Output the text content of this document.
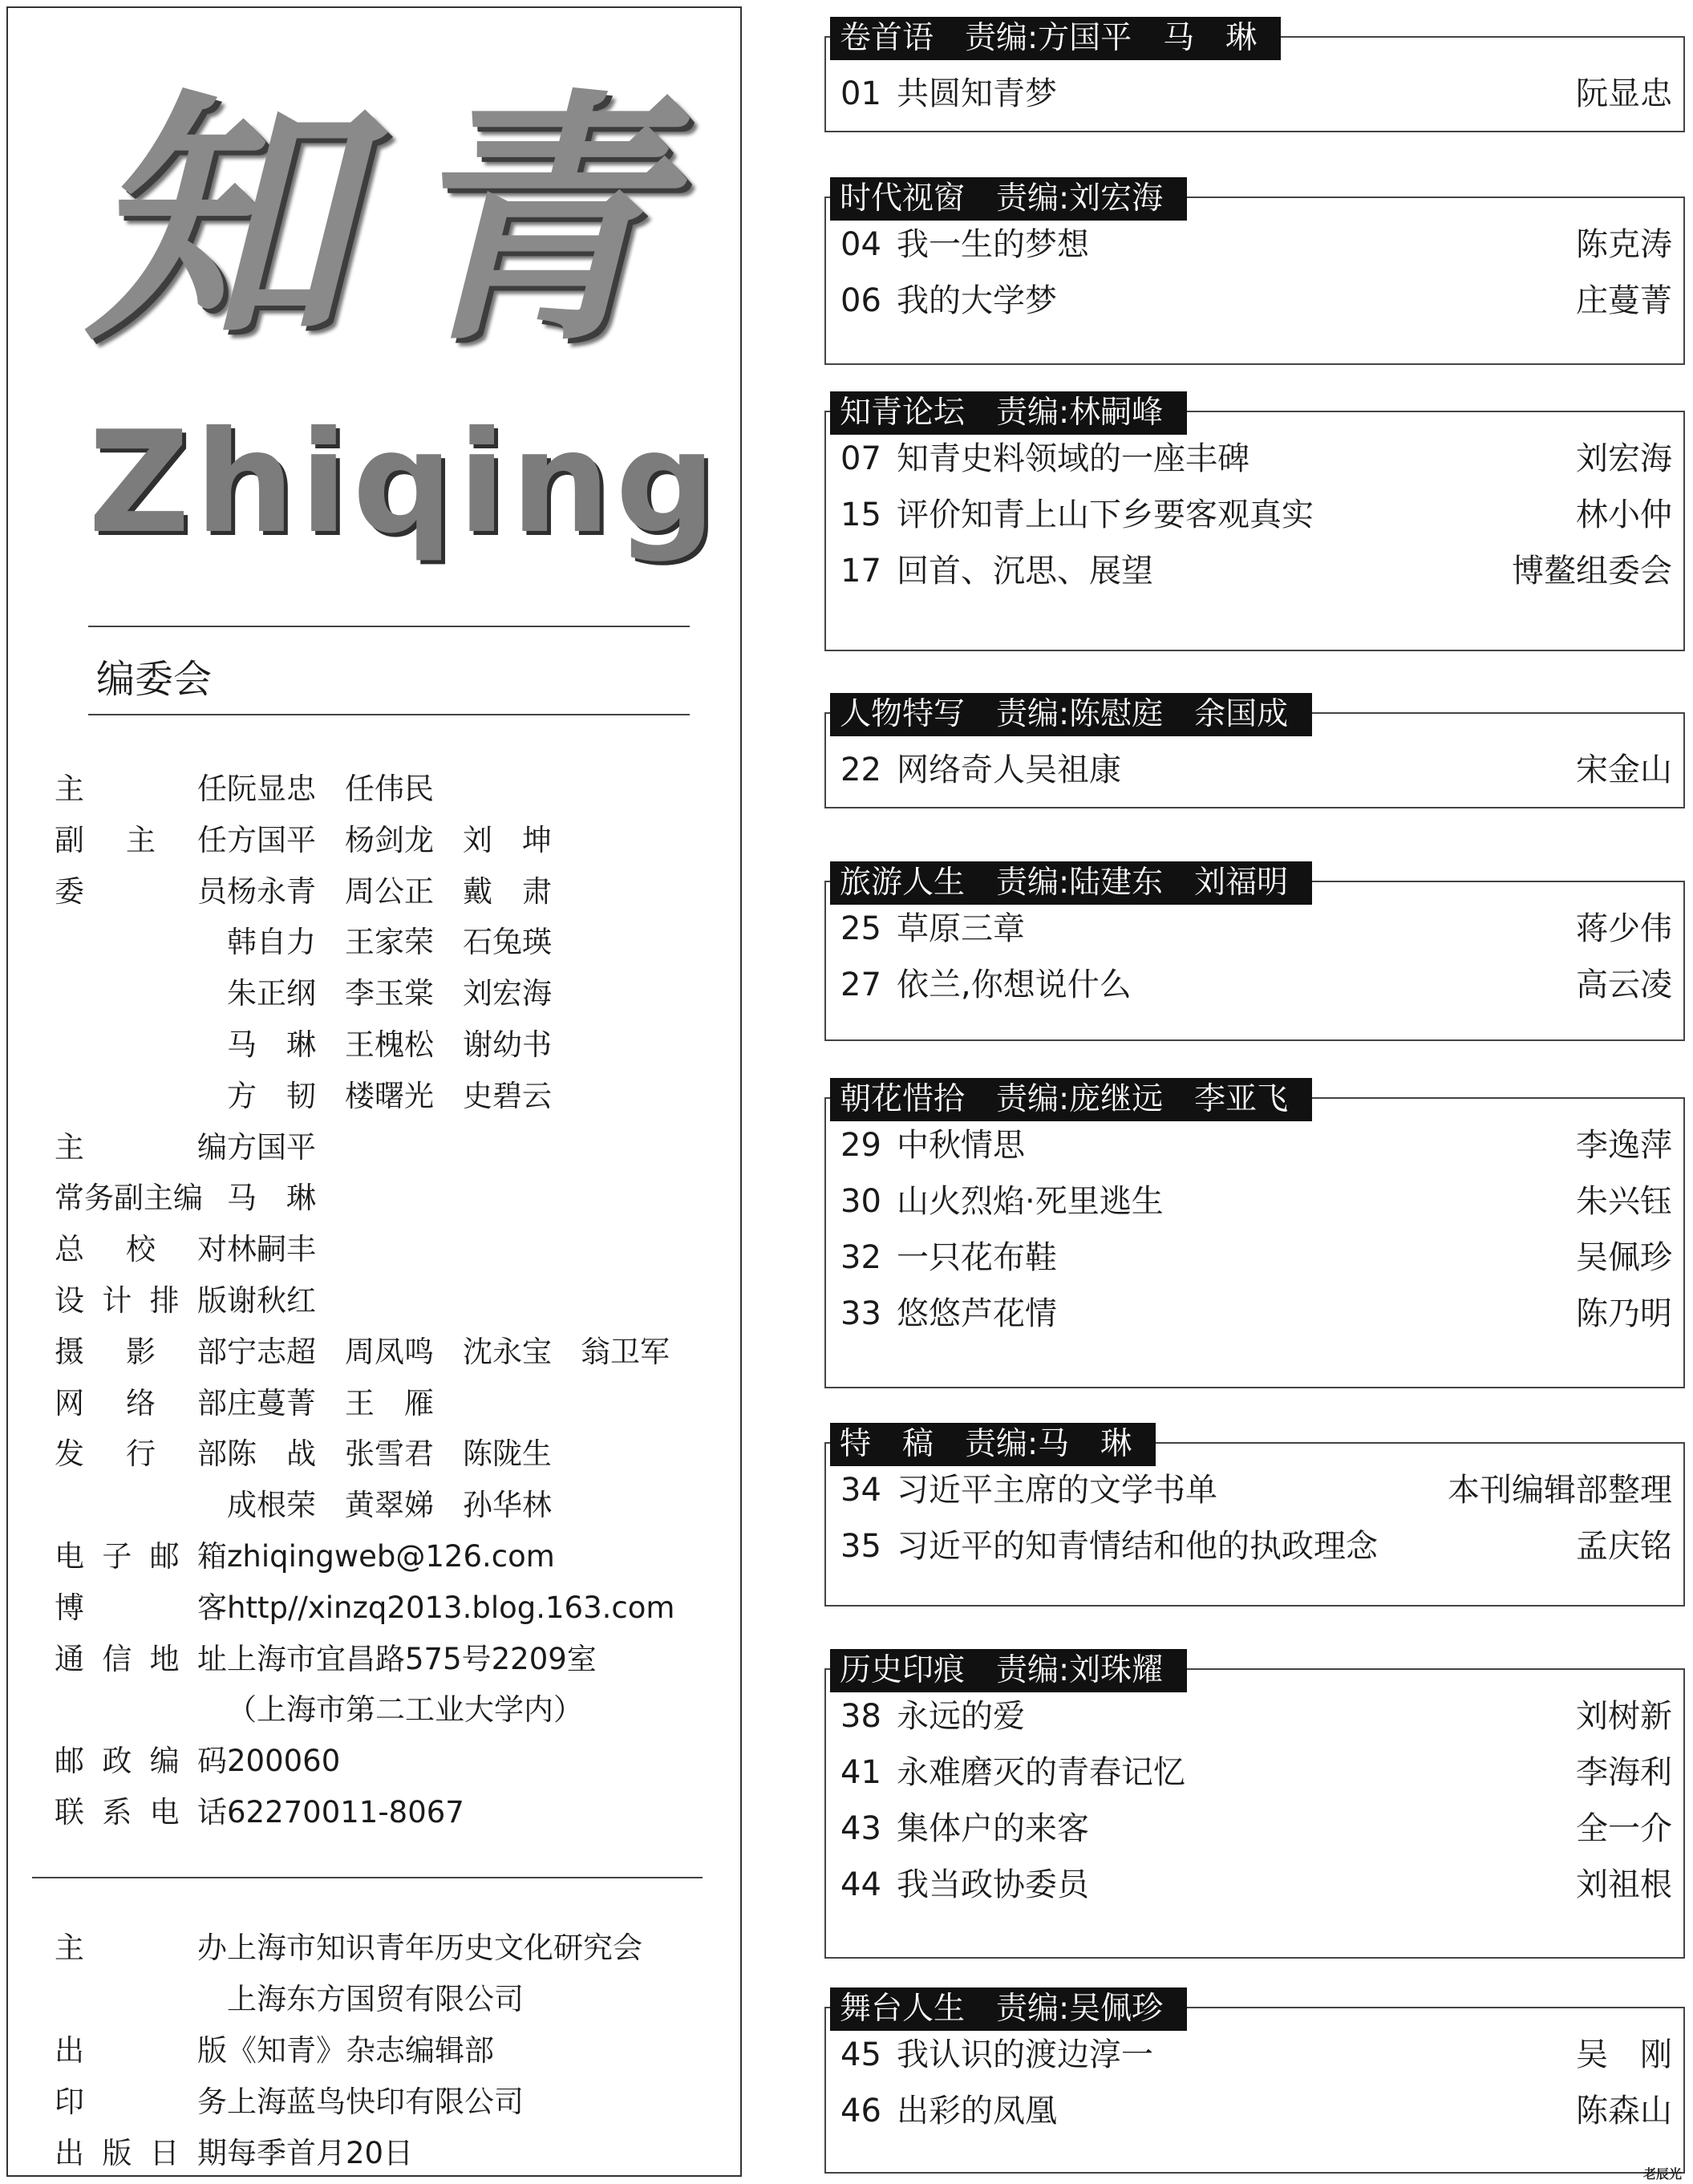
知青
Zhiqing
编委会
主	任 阮显忠 任伟民
副 主 任 方国平 杨剑龙 刘　坤
委	员 杨永青 周公正 戴　肃
韩自力 王家荣 石兔瑛
朱正纲 李玉棠 刘宏海
马　琳 王槐松 谢幼书
方　韧 楼曙光 史碧云
主	编 方国平
常 务 副 主 编 马　琳
总 校 对 林嗣丰
设 计 排 版 谢秋红
摄 影 部 宁志超 周凤鸣 沈永宝 翁卫军
网 络 部 庄蔓菁 王　雁
发 行 部 陈　战 张雪君 陈陇生
成根荣 黄翠娣 孙华林
电 子 邮 箱 zhiqingweb@126.com
博	客 http//xinzq2013.blog.163.com
通 信 地 址 上海市宜昌路575号2209室
（上海市第二工业大学内）
邮 政 编 码 200060
联 系 电 话 62270011-8067
主	办 上海市知识青年历史文化研究会
上海东方国贸有限公司
出	版 《知青》杂志编辑部
印	务 上海蓝鸟快印有限公司
出 版 日 期 每季首月20日
卷首语　责编:方国平　马　琳
01 共圆知青梦	阮显忠
时代视窗　责编:刘宏海
04 我一生的梦想	陈克涛
06 我的大学梦	庄蔓菁
知青论坛　责编:林嗣峰
07 知青史料领域的一座丰碑	刘宏海
15 评价知青上山下乡要客观真实	林小仲
17 回首、沉思、展望	博鳌组委会
人物特写　责编:陈慰庭　余国成
22 网络奇人吴祖康	宋金山
旅游人生　责编:陆建东　刘福明
25 草原三章	蒋少伟
27 依兰,你想说什么	高云凌
朝花惜拾　责编:庞继远　李亚飞
29 中秋情思	李逸萍
30 山火烈焰·死里逃生	朱兴钰
32 一只花布鞋	吴佩珍
33 悠悠芦花情	陈乃明
特　稿　责编:马　琳
34 习近平主席的文学书单	本刊编辑部整理
35 习近平的知青情结和他的执政理念	孟庆铭
历史印痕　责编:刘珠耀
38 永远的爱	刘树新
41 永难磨灭的青春记忆	李海利
43 集体户的来客	全一介
44 我当政协委员	刘祖根
舞台人生　责编:吴佩珍
45 我认识的渡边淳一	吴　刚
46 出彩的凤凰	陈森山
老辰光
